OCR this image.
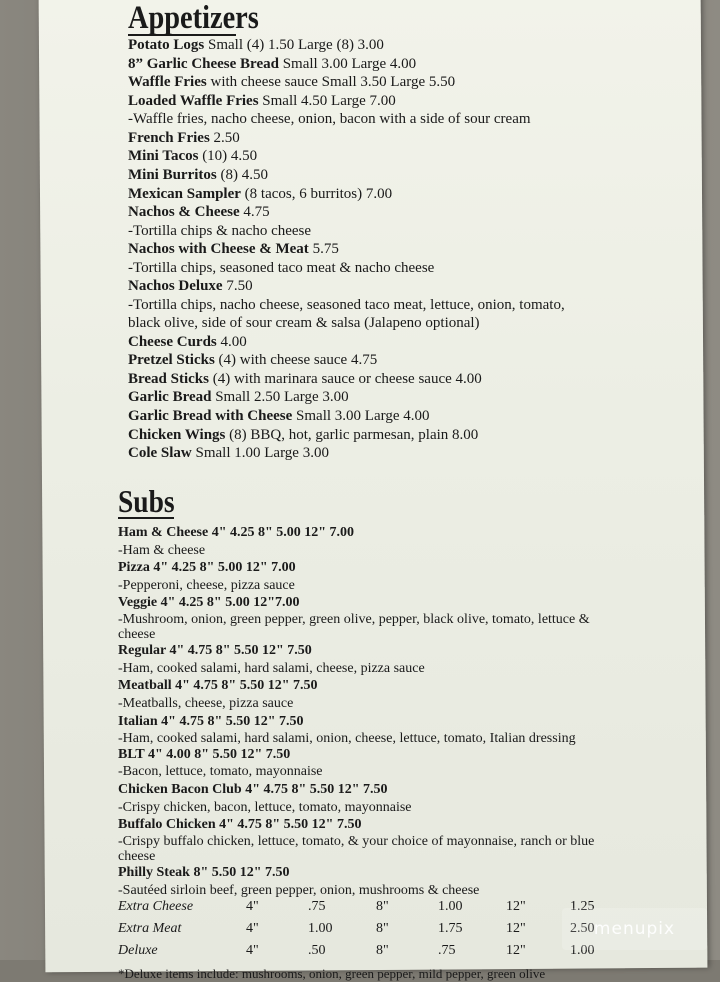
Appetizers
Potato Logs Small (4) 1.50 Large (8) 3.00
8” Garlic Cheese Bread Small 3.00 Large 4.00
Waffle Fries with cheese sauce Small 3.50 Large 5.50
Loaded Waffle Fries Small 4.50 Large 7.00
-Waffle fries, nacho cheese, onion, bacon with a side of sour cream
French Fries 2.50
Mini Tacos (10) 4.50
Mini Burritos (8) 4.50
Mexican Sampler (8 tacos, 6 burritos) 7.00
Nachos & Cheese 4.75
-Tortilla chips & nacho cheese
Nachos with Cheese & Meat 5.75
-Tortilla chips, seasoned taco meat & nacho cheese
Nachos Deluxe 7.50
-Tortilla chips, nacho cheese, seasoned taco meat, lettuce, onion, tomato,
black olive, side of sour cream & salsa (Jalapeno optional)
Cheese Curds 4.00
Pretzel Sticks (4) with cheese sauce 4.75
Bread Sticks (4) with marinara sauce or cheese sauce 4.00
Garlic Bread Small 2.50 Large 3.00
Garlic Bread with Cheese Small 3.00 Large 4.00
Chicken Wings (8) BBQ, hot, garlic parmesan, plain 8.00
Cole Slaw Small 1.00 Large 3.00
Subs
Ham & Cheese 4" 4.25 8" 5.00 12" 7.00
-Ham & cheese
Pizza 4" 4.25 8" 5.00 12" 7.00
-Pepperoni, cheese, pizza sauce
Veggie 4" 4.25 8" 5.00 12"7.00
-Mushroom, onion, green pepper, green olive, pepper, black olive, tomato, lettuce & cheese
Regular 4" 4.75 8" 5.50 12" 7.50
-Ham, cooked salami, hard salami, cheese, pizza sauce
Meatball 4" 4.75 8" 5.50 12" 7.50
-Meatballs, cheese, pizza sauce
Italian 4" 4.75 8" 5.50 12" 7.50
-Ham, cooked salami, hard salami, onion, cheese, lettuce, tomato, Italian dressing
BLT 4" 4.00 8" 5.50 12" 7.50
-Bacon, lettuce, tomato, mayonnaise
Chicken Bacon Club 4" 4.75 8" 5.50 12" 7.50
-Crispy chicken, bacon, lettuce, tomato, mayonnaise
Buffalo Chicken 4" 4.75 8" 5.50 12" 7.50
-Crispy buffalo chicken, lettuce, tomato, & your choice of mayonnaise, ranch or blue cheese
Philly Steak 8" 5.50 12" 7.50
-Sautéed sirloin beef, green pepper, onion, mushrooms & cheese
Extra Cheese	4"	.75	8"	1.00	12"	1.25
Extra Meat	4"	1.00	8"	1.75	12"	2.50
Deluxe	4"	.50	8"	.75	12"	1.00
*Deluxe items include: mushrooms, onion, green pepper, mild pepper, green olive
menupix
